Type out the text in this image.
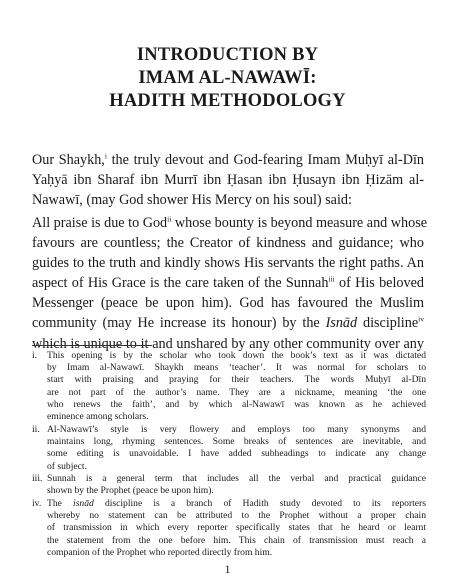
INTRODUCTION BY
IMAM AL-NAWAWĪ:
HADITH METHODOLOGY
Our Shaykh,$^i$ the truly devout and God-fearing Imam Muḥyī al-Dīn
Yaḥyā ibn Sharaf ibn Murrī ibn Ḥasan ibn Ḥusayn ibn Ḥizām al-
Nawawī, (may God shower His Mercy on his soul) said:
All praise is due to God$^{ii}$ whose bounty is beyond measure and whose
favours are countless; the Creator of kindness and guidance; who
guides to the truth and kindly shows His servants the right paths. An
aspect of His Grace is the care taken of the Sunnah$^{iii}$ of His beloved
Messenger (peace be upon him). God has favoured the Muslim
community (may He increase its honour) by the Isnād discipline$^{iv}$
which is unique to it and unshared by any other community over any
i.	This opening is by the scholar who took down the book’s text as it was dictated
by Imam al-Nawawī. Shaykh means ‘teacher’. It was normal for scholars to
start with praising and praying for their teachers. The words Muḥyī al-Dīn
are not part of the author’s name. They are a nickname, meaning ‘the one
who renews the faith’, and by which al-Nawawī was known as he achieved
eminence among scholars.
ii. Al-Nawawī’s style is very flowery and employs too many synonyms and
maintains long, rhyming sentences. Some breaks of sentences are inevitable, and
some editing is unavoidable. I have added subheadings to indicate any change
of subject.
iii. Sunnah is a general term that includes all the verbal and practical guidance
shown by the Prophet (peace be upon him).
iv. The isnād discipline is a branch of Hadith study devoted to its reporters
whereby no statement can be attributed to the Prophet without a proper chain
of transmission in which every reporter specifically states that he heard or learnt
the statement from the one before him. This chain of transmission must reach a
companion of the Prophet who reported directly from him.
1
